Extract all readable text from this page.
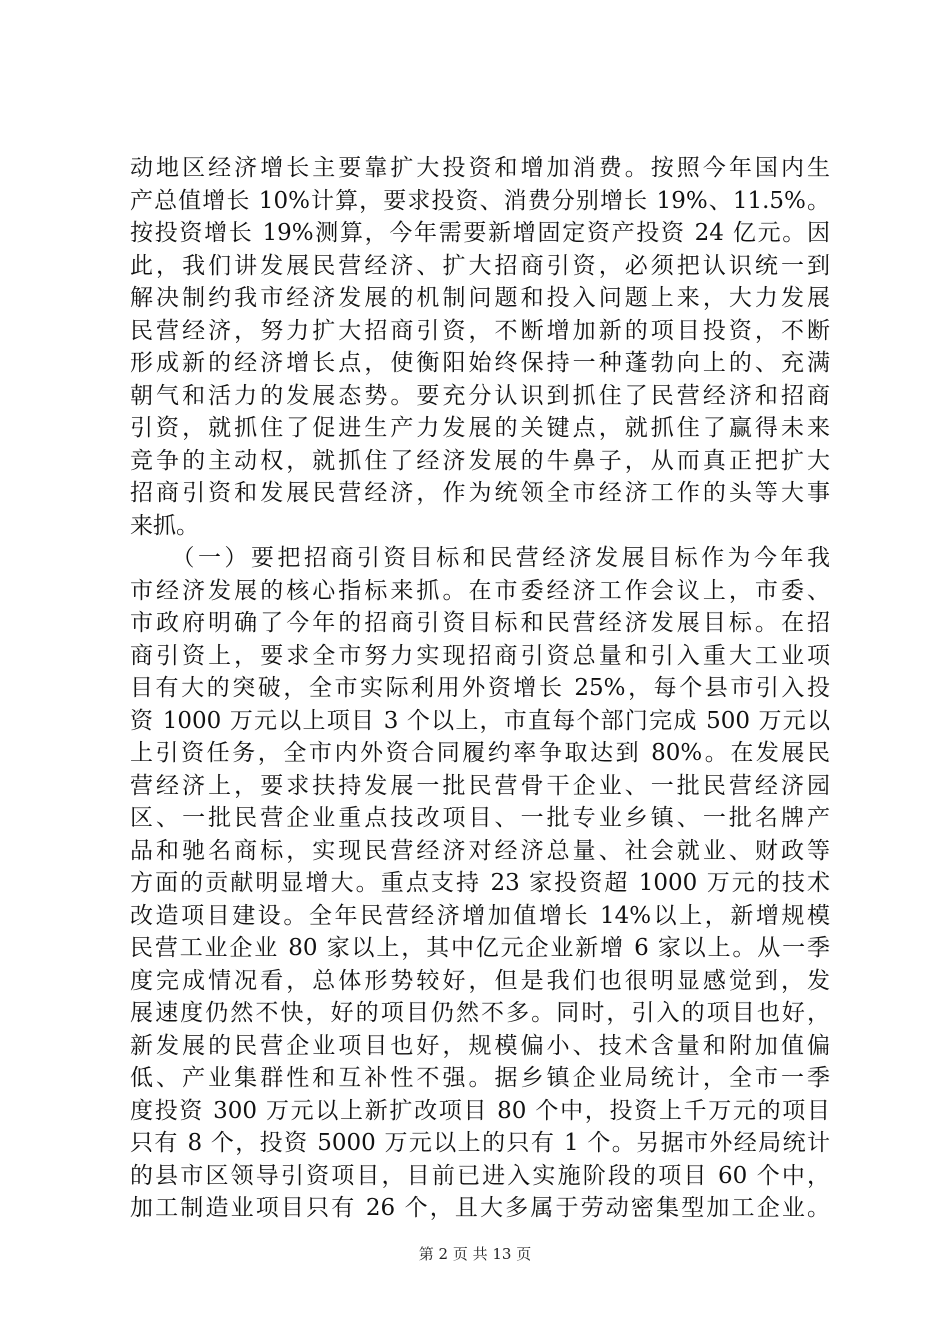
动地区经济增长主要靠扩大投资和增加消费。按照今年国内生
产总值增长 10%计算，要求投资、消费分别增长 19%、11.5%。
按投资增长 19%测算，今年需要新增固定资产投资 24 亿元。因
此，我们讲发展民营经济、扩大招商引资，必须把认识统一到
解决制约我市经济发展的机制问题和投入问题上来，大力发展
民营经济，努力扩大招商引资，不断增加新的项目投资，不断
形成新的经济增长点，使衡阳始终保持一种蓬勃向上的、充满
朝气和活力的发展态势。要充分认识到抓住了民营经济和招商
引资，就抓住了促进生产力发展的关键点，就抓住了赢得未来
竞争的主动权，就抓住了经济发展的牛鼻子，从而真正把扩大
招商引资和发展民营经济，作为统领全市经济工作的头等大事
来抓。
　　（一）要把招商引资目标和民营经济发展目标作为今年我
市经济发展的核心指标来抓。在市委经济工作会议上，市委、
市政府明确了今年的招商引资目标和民营经济发展目标。在招
商引资上，要求全市努力实现招商引资总量和引入重大工业项
目有大的突破，全市实际利用外资增长 25%，每个县市引入投
资 1000 万元以上项目 3 个以上，市直每个部门完成 500 万元以
上引资任务，全市内外资合同履约率争取达到 80%。在发展民
营经济上，要求扶持发展一批民营骨干企业、一批民营经济园
区、一批民营企业重点技改项目、一批专业乡镇、一批名牌产
品和驰名商标，实现民营经济对经济总量、社会就业、财政等
方面的贡献明显增大。重点支持 23 家投资超 1000 万元的技术
改造项目建设。全年民营经济增加值增长 14%以上，新增规模
民营工业企业 80 家以上，其中亿元企业新增 6 家以上。从一季
度完成情况看，总体形势较好，但是我们也很明显感觉到，发
展速度仍然不快，好的项目仍然不多。同时，引入的项目也好，
新发展的民营企业项目也好，规模偏小、技术含量和附加值偏
低、产业集群性和互补性不强。据乡镇企业局统计，全市一季
度投资 300 万元以上新扩改项目 80 个中，投资上千万元的项目
只有 8 个，投资 5000 万元以上的只有 1 个。另据市外经局统计
的县市区领导引资项目，目前已进入实施阶段的项目 60 个中，
加工制造业项目只有 26 个，且大多属于劳动密集型加工企业。
第 2 页 共 13 页
